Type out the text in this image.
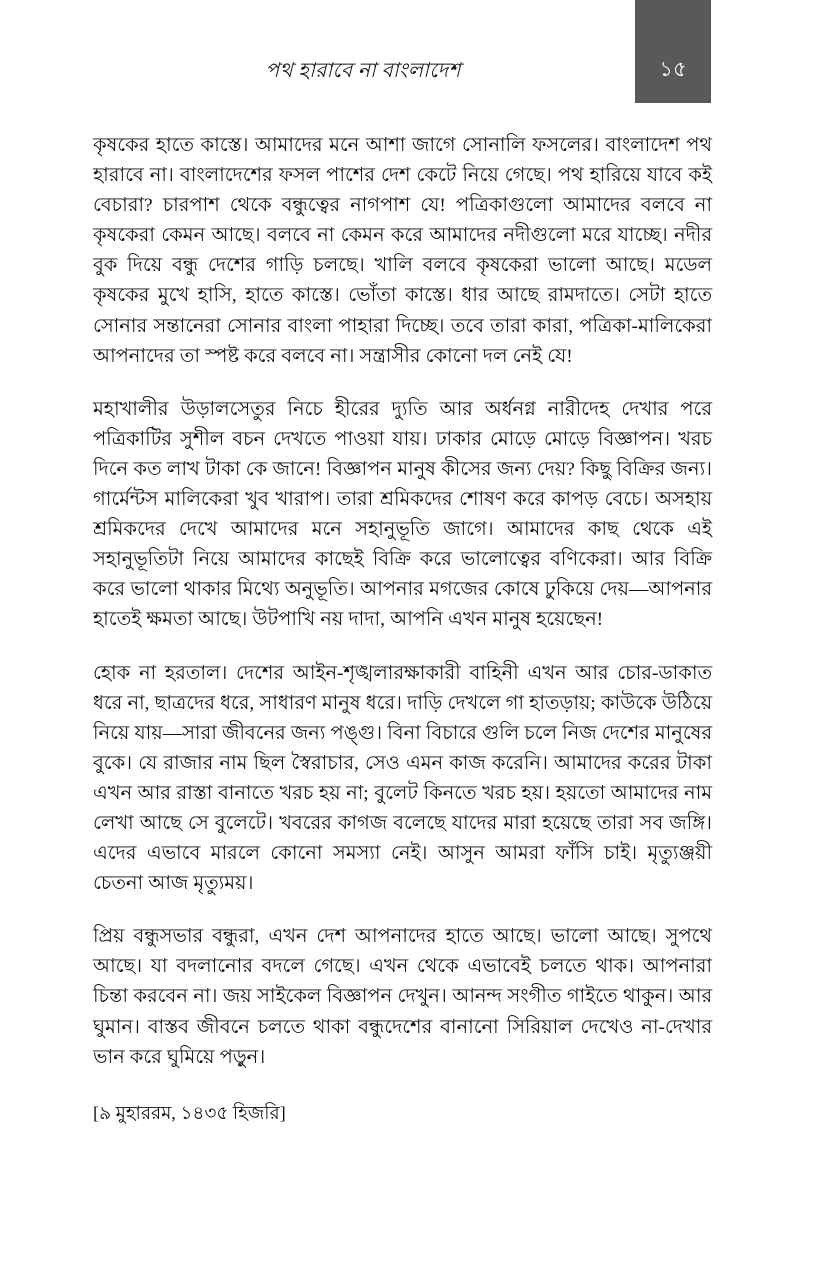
পথ হারাবে না বাংলাদেশ	১৫

কৃষকের হাতে কাস্তে। আমাদের মনে আশা জাগে সোনালি ফসলের। বাংলাদেশ পথ হারাবে না। বাংলাদেশের ফসল পাশের দেশ কেটে নিয়ে গেছে। পথ হারিয়ে যাবে কই বেচারা? চারপাশ থেকে বন্ধুত্বের নাগপাশ যে! পত্রিকাগুলো আমাদের বলবে না কৃষকেরা কেমন আছে। বলবে না কেমন করে আমাদের নদীগুলো মরে যাচ্ছে। নদীর বুক দিয়ে বন্ধু দেশের গাড়ি চলছে। খালি বলবে কৃষকেরা ভালো আছে। মডেল কৃষকের মুখে হাসি, হাতে কাস্তে। ভোঁতা কাস্তে। ধার আছে রামদাতে। সেটা হাতে সোনার সন্তানেরা সোনার বাংলা পাহারা দিচ্ছে। তবে তারা কারা, পত্রিকা-মালিকেরা আপনাদের তা স্পষ্ট করে বলবে না। সন্ত্রাসীর কোনো দল নেই যে!

মহাখালীর উড়ালসেতুর নিচে হীরের দ্যুতি আর অর্ধনগ্ন নারীদেহ দেখার পরে পত্রিকাটির সুশীল বচন দেখতে পাওয়া যায়। ঢাকার মোড়ে মোড়ে বিজ্ঞাপন। খরচ দিনে কত লাখ টাকা কে জানে! বিজ্ঞাপন মানুষ কীসের জন্য দেয়? কিছু বিক্রির জন্য। গার্মেন্টস মালিকেরা খুব খারাপ। তারা শ্রমিকদের শোষণ করে কাপড় বেচে। অসহায় শ্রমিকদের দেখে আমাদের মনে সহানুভূতি জাগে। আমাদের কাছ থেকে এই সহানুভূতিটা নিয়ে আমাদের কাছেই বিক্রি করে ভালোত্বের বণিকেরা। আর বিক্রি করে ভালো থাকার মিথ্যে অনুভূতি। আপনার মগজের কোষে ঢুকিয়ে দেয়—আপনার হাতেই ক্ষমতা আছে। উটপাখি নয় দাদা, আপনি এখন মানুষ হয়েছেন!

হোক না হরতাল। দেশের আইন-শৃঙ্খলারক্ষাকারী বাহিনী এখন আর চোর-ডাকাত ধরে না, ছাত্রদের ধরে, সাধারণ মানুষ ধরে। দাড়ি দেখলে গা হাতড়ায়; কাউকে উঠিয়ে নিয়ে যায়—সারা জীবনের জন্য পঙ্গু। বিনা বিচারে গুলি চলে নিজ দেশের মানুষের বুকে। যে রাজার নাম ছিল স্বৈরাচার, সেও এমন কাজ করেনি। আমাদের করের টাকা এখন আর রাস্তা বানাতে খরচ হয় না; বুলেট কিনতে খরচ হয়। হয়তো আমাদের নাম লেখা আছে সে বুলেটে। খবরের কাগজ বলেছে যাদের মারা হয়েছে তারা সব জঙ্গি। এদের এভাবে মারলে কোনো সমস্যা নেই। আসুন আমরা ফাঁসি চাই। মৃত্যুঞ্জয়ী চেতনা আজ মৃত্যুময়।

প্রিয় বন্ধুসভার বন্ধুরা, এখন দেশ আপনাদের হাতে আছে। ভালো আছে। সুপথে আছে। যা বদলানোর বদলে গেছে। এখন থেকে এভাবেই চলতে থাক। আপনারা চিন্তা করবেন না। জয় সাইকেল বিজ্ঞাপন দেখুন। আনন্দ সংগীত গাইতে থাকুন। আর ঘুমান। বাস্তব জীবনে চলতে থাকা বন্ধুদেশের বানানো সিরিয়াল দেখেও না-দেখার ভান করে ঘুমিয়ে পড়ুন।

[৯ মুহাররম, ১৪৩৫ হিজরি]
